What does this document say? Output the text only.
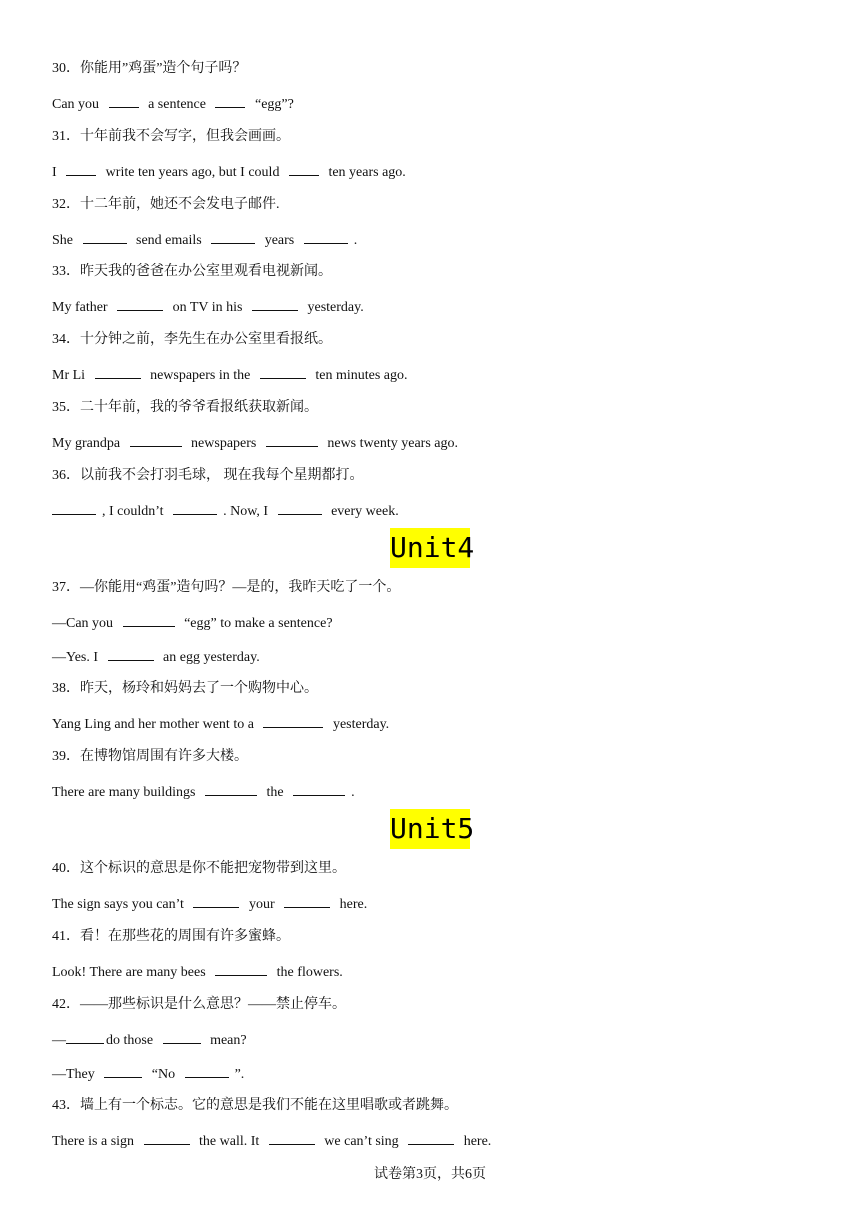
30．你能用”鸡蛋”造个句子吗？
Can you	a sentence	“egg”?
31．十年前我不会写字，但我会画画。
I	write ten years ago, but I could	ten years ago.
32．十二年前，她还不会发电子邮件.
She	send emails	years	.
33．昨天我的爸爸在办公室里观看电视新闻。
My father	on TV in his	yesterday.
34．十分钟之前，李先生在办公室里看报纸。
Mr Li	newspapers in the	ten minutes ago.
35．二十年前，我的爷爷看报纸获取新闻。
My grandpa	newspapers	news twenty years ago.
36．以前我不会打羽毛球， 现在我每个星期都打。
, I couldn’t	. Now, I	every week.
Unit4
37．—你能用“鸡蛋”造句吗？—是的，我昨天吃了一个。
—Can you	“egg” to make a sentence?
—Yes. I	an egg yesterday.
38．昨天，杨玲和妈妈去了一个购物中心。
Yang Ling and her mother went to a	yesterday.
39．在博物馆周围有许多大楼。
There are many buildings	the	.
Unit5
40．这个标识的意思是你不能把宠物带到这里。
The sign says you can’t	your	here.
41．看！在那些花的周围有许多蜜蜂。
Look! There are many bees	the flowers.
42．——那些标识是什么意思？——禁止停车。
—	do those	mean?
—They	“No	”.
43．墙上有一个标志。它的意思是我们不能在这里唱歌或者跳舞。
There is a sign	the wall. It	we can’t sing	here.
试卷第3页，共6页
